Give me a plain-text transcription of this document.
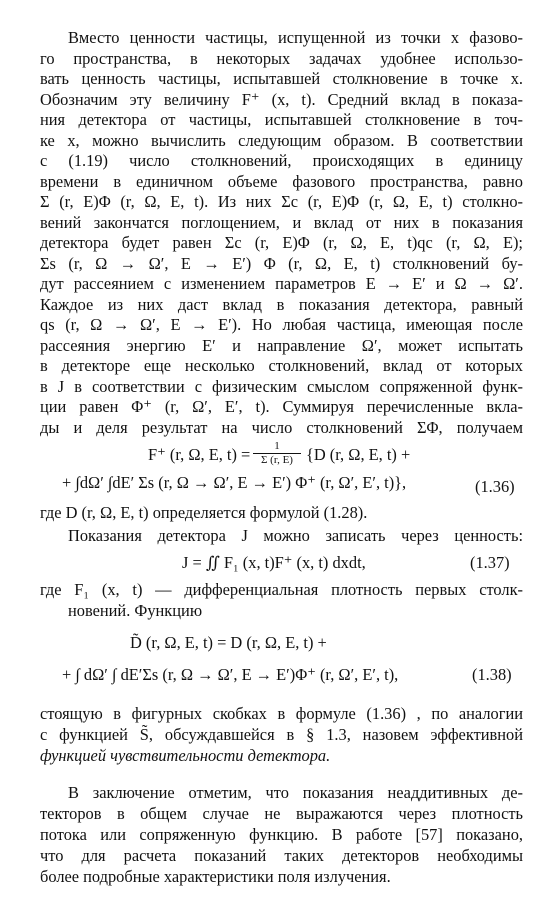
Вместо ценности частицы, испущенной из точки x фазово-
го пространства, в некоторых задачах удобнее использо-
вать ценность частицы, испытавшей столкновение в точке x.
Обозначим эту величину F⁺ (x, t). Средний вклад в показа-
ния детектора от частицы, испытавшей столкновение в точ-
ке x, можно вычислить следующим образом. В соответствии
с (1.19) число столкновений, происходящих в единицу
времени в единичном объеме фазового пространства, равно
Σ (r, E)Φ (r, Ω, E, t). Из них Σc (r, E)Φ (r, Ω, E, t) столкно-
вений закончатся поглощением, и вклад от них в показания
детектора будет равен Σc (r, E)Φ (r, Ω, E, t)qc (r, Ω, E);
Σs (r, Ω → Ω′, E → E′) Φ (r, Ω, E, t) столкновений бу-
дут рассеянием с изменением параметров E → E′ и Ω → Ω′.
Каждое из них даст вклад в показания детектора, равный
qs (r, Ω → Ω′, E → E′). Но любая частица, имеющая после
рассеяния энергию E′ и направление Ω′, может испытать
в детекторе еще несколько столкновений, вклад от которых
в J в соответствии с физическим смыслом сопряженной функ-
ции равен Φ⁺ (r, Ω′, E′, t). Суммируя перечисленные вкла-
ды и деля результат на число столкновений ΣΦ, получаем
F⁺ (r, Ω, E, $t) = \frac{1}{\Sigma (r, E)} \{D$ (r, Ω, E, t) +
+ ∫dΩ′ ∫dE′ Σs (r, Ω → Ω′, E → E′) Φ⁺ (r, Ω′, E′, t)},	(1.36)
где D (r, Ω, E, t) определяется формулой (1.28).
Показания детектора J можно записать через ценность:
J = ∬ F₁ (x, t)F⁺ (x, t) dxdt,	(1.37)
где F₁ (x, t) — дифференциальная плотность первых столк-
новений. Функцию
D̃ (r, Ω, E, t) = D (r, Ω, E, t) +
+ ∫ dΩ′ ∫ dE′Σs (r, Ω → Ω′, E → E′)Φ⁺ (r, Ω′, E′, t),	(1.38)
стоящую в фигурных скобках в формуле (1.36) , по аналогии
с функцией S̃, обсуждавшейся в § 1.3, назовем эффективной
функцией чувствительности детектора.
В заключение отметим, что показания неаддитивных де-
текторов в общем случае не выражаются через плотность
потока или сопряженную функцию. В работе [57] показано,
что для расчета показаний таких детекторов необходимы
более подробные характеристики поля излучения.
